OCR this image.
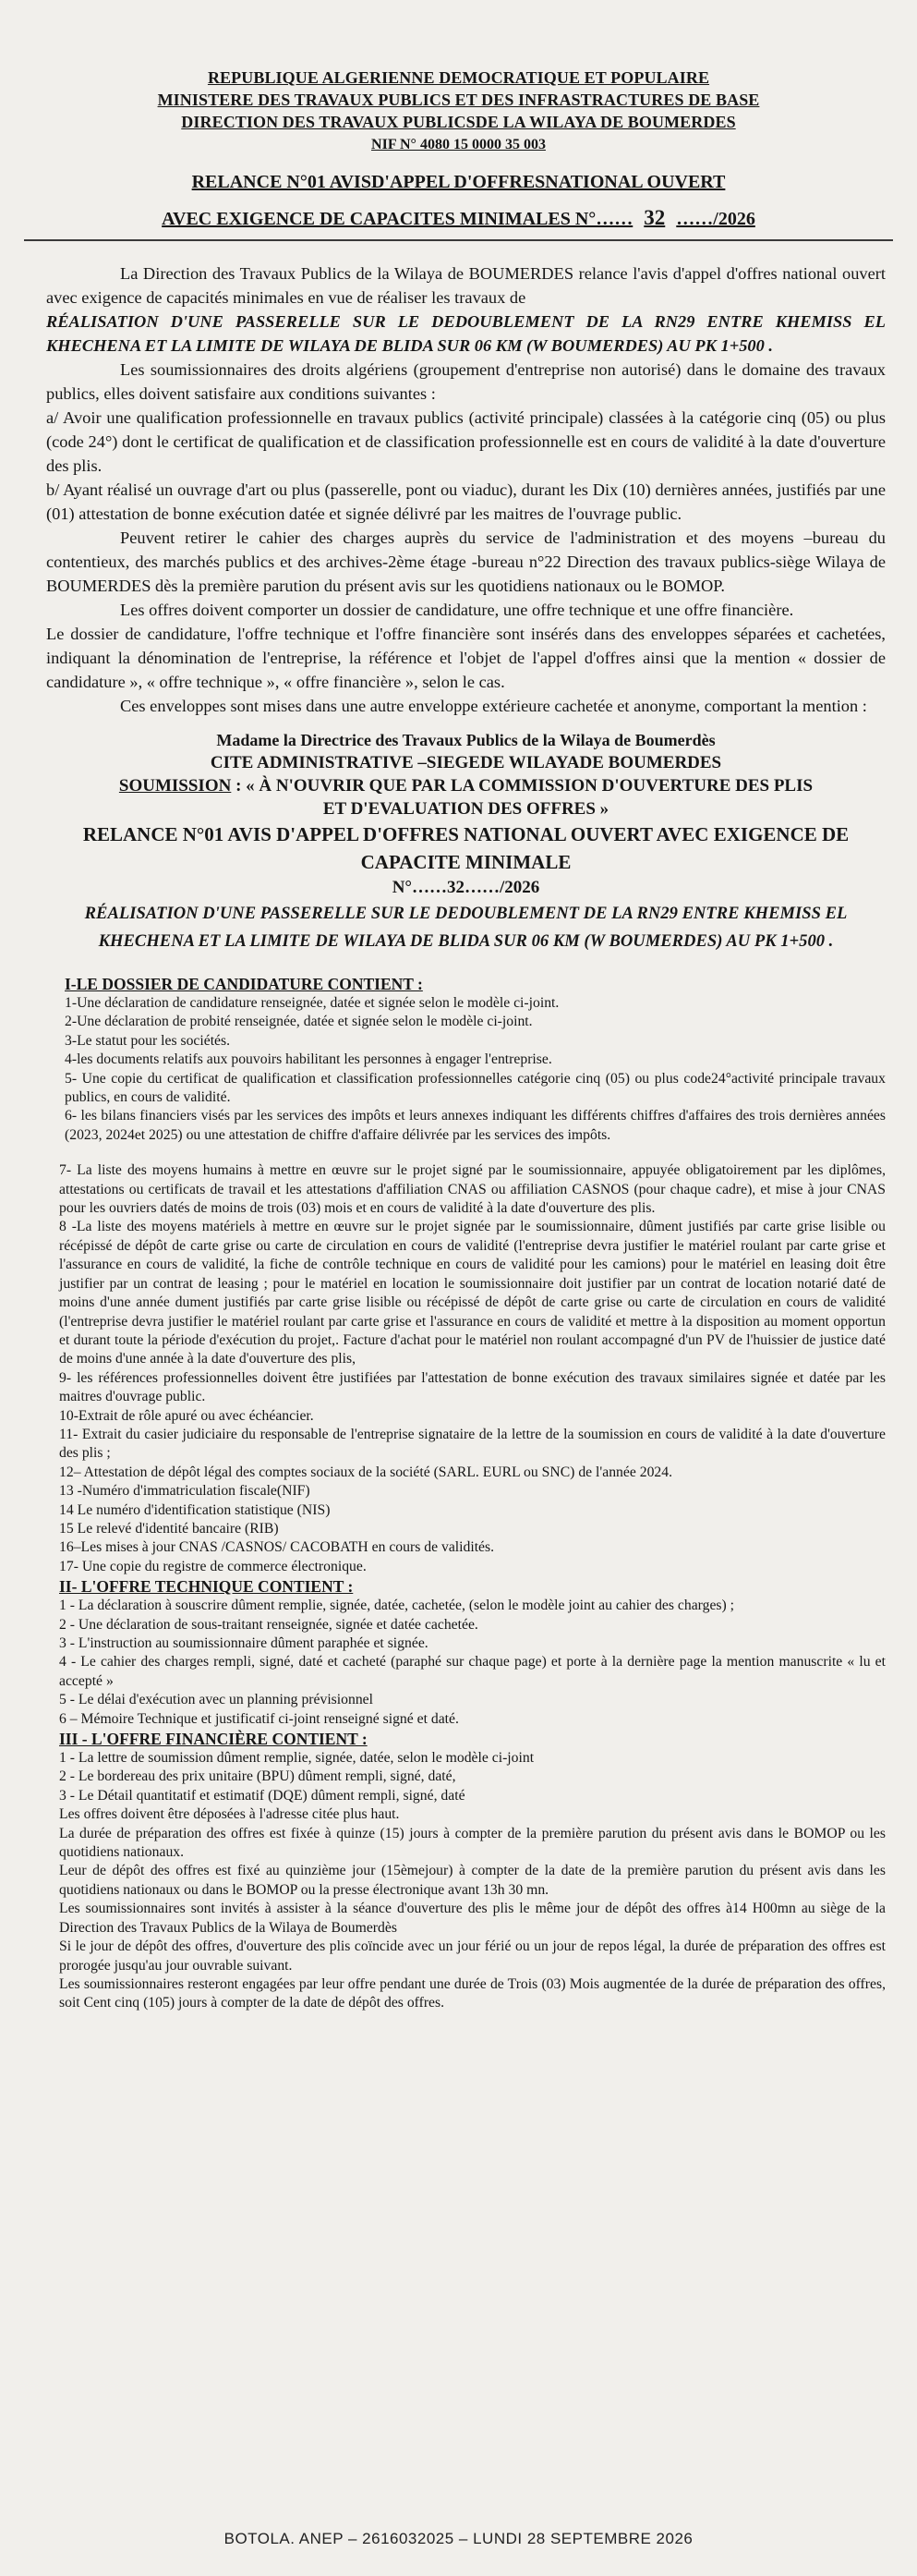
REPUBLIQUE ALGERIENNE DEMOCRATIQUE ET POPULAIRE
MINISTERE DES TRAVAUX PUBLICS ET DES INFRASTRACTURES DE BASE
DIRECTION DES TRAVAUX PUBLICSDE LA WILAYA DE BOUMERDES
NIF N° 4080 15 0000 35 003
RELANCE N°01 AVISD'APPEL D'OFFRESNATIONAL OUVERT
AVEC EXIGENCE DE CAPACITES MINIMALES N°…… 32 ……/2026

La Direction des Travaux Publics de la Wilaya de BOUMERDES relance l'avis d'appel d'offres national ouvert avec exigence de capacités minimales en vue de réaliser les travaux de

RÉALISATION D'UNE PASSERELLE SUR LE DEDOUBLEMENT DE LA RN29 ENTRE KHEMISS EL KHECHENA ET LA LIMITE DE WILAYA DE BLIDA SUR 06 KM (W BOUMERDES) AU PK 1+500 .

Les soumissionnaires des droits algériens (groupement d'entreprise non autorisé) dans le domaine des travaux publics, elles doivent satisfaire aux conditions suivantes :

a/ Avoir une qualification professionnelle en travaux publics (activité principale) classées à la catégorie cinq (05) ou plus (code 24°) dont le certificat de qualification et de classification professionnelle est en cours de validité à la date d'ouverture des plis.

b/ Ayant réalisé un ouvrage d'art ou plus (passerelle, pont ou viaduc), durant les Dix (10) dernières années, justifiés par une (01) attestation de bonne exécution datée et signée délivré par les maitres de l'ouvrage public.

Peuvent retirer le cahier des charges auprès du service de l'administration et des moyens –bureau du contentieux, des marchés publics et des archives-2ème étage -bureau n°22 Direction des travaux publics-siège Wilaya de BOUMERDES dès la première parution du présent avis sur les quotidiens nationaux ou le BOMOP.

Les offres doivent comporter un dossier de candidature, une offre technique et une offre financière.

Le dossier de candidature, l'offre technique et l'offre financière sont insérés dans des enveloppes séparées et cachetées, indiquant la dénomination de l'entreprise, la référence et l'objet de l'appel d'offres ainsi que la mention « dossier de candidature », « offre technique », « offre financière », selon le cas.

Ces enveloppes sont mises dans une autre enveloppe extérieure cachetée et anonyme, comportant la mention :

Madame la Directrice des Travaux Publics de la Wilaya de Boumerdès

CITE ADMINISTRATIVE –SIEGEDE WILAYADE BOUMERDES

SOUMISSION : « À N'OUVRIR QUE PAR LA COMMISSION D'OUVERTURE DES PLIS

ET D'EVALUATION DES OFFRES »

RELANCE N°01 AVIS D'APPEL D'OFFRES NATIONAL OUVERT AVEC EXIGENCE DE CAPACITE MINIMALE

N°……32……/2026

RÉALISATION D'UNE PASSERELLE SUR LE DEDOUBLEMENT DE LA RN29 ENTRE KHEMISS EL KHECHENA ET LA LIMITE DE WILAYA DE BLIDA SUR 06 KM (W BOUMERDES) AU PK 1+500 .

I-LE DOSSIER DE CANDIDATURE CONTIENT :

1-Une déclaration de candidature renseignée, datée et signée selon le modèle ci-joint.

2-Une déclaration de probité renseignée, datée et signée selon le modèle ci-joint.

3-Le statut pour les sociétés.

4-les documents relatifs aux pouvoirs habilitant les personnes à engager l'entreprise.

5- Une copie du certificat de qualification et classification professionnelles catégorie cinq (05) ou plus code24°activité principale travaux publics, en cours de validité.

6- les bilans financiers visés par les services des impôts et leurs annexes indiquant les différents chiffres d'affaires des trois dernières années (2023, 2024et 2025) ou une attestation de chiffre d'affaire délivrée par les services des impôts.

7- La liste des moyens humains à mettre en œuvre sur le projet signé par le soumissionnaire, appuyée obligatoirement par les diplômes, attestations ou certificats de travail et les attestations d'affiliation CNAS ou affiliation CASNOS (pour chaque cadre), et mise à jour CNAS pour les ouvriers datés de moins de trois (03) mois et en cours de validité à la date d'ouverture des plis.

8 -La liste des moyens matériels à mettre en œuvre sur le projet signée par le soumissionnaire, dûment justifiés par carte grise lisible ou récépissé de dépôt de carte grise ou carte de circulation en cours de validité (l'entreprise devra justifier le matériel roulant par carte grise et l'assurance en cours de validité, la fiche de contrôle technique en cours de validité pour les camions) pour le matériel en leasing doit être justifier par un contrat de leasing ; pour le matériel en location le soumissionnaire doit justifier par un contrat de location notarié daté de moins d'une année dument justifiés par carte grise lisible ou récépissé de dépôt de carte grise ou carte de circulation en cours de validité (l'entreprise devra justifier le matériel roulant par carte grise et l'assurance en cours de validité et mettre à la disposition au moment opportun et durant toute la période d'exécution du projet,. Facture d'achat pour le matériel non roulant accompagné d'un PV de l'huissier de justice daté de moins d'une année à la date d'ouverture des plis,

9- les références professionnelles doivent être justifiées par l'attestation de bonne exécution des travaux similaires signée et datée par les maitres d'ouvrage public.

10-Extrait de rôle apuré ou avec échéancier.

11- Extrait du casier judiciaire du responsable de l'entreprise signataire de la lettre de la soumission en cours de validité à la date d'ouverture des plis ;

12– Attestation de dépôt légal des comptes sociaux de la société (SARL. EURL ou SNC) de l'année 2024.

13 -Numéro d'immatriculation fiscale(NIF)

14 Le numéro d'identification statistique (NIS)

15 Le relevé d'identité bancaire (RIB)

16–Les mises à jour CNAS /CASNOS/ CACOBATH en cours de validités.

17- Une copie du registre de commerce électronique.

II- L'OFFRE TECHNIQUE CONTIENT :

1 - La déclaration à souscrire dûment remplie, signée, datée, cachetée, (selon le modèle joint au cahier des charges) ;

2 - Une déclaration de sous-traitant renseignée, signée et datée cachetée.

3 - L'instruction au soumissionnaire dûment paraphée et signée.

4 - Le cahier des charges rempli, signé, daté et cacheté (paraphé sur chaque page) et porte à la dernière page la mention manuscrite « lu et accepté »

5 - Le délai d'exécution avec un planning prévisionnel

6 – Mémoire Technique et justificatif ci-joint renseigné signé et daté.

III - L'OFFRE FINANCIÈRE CONTIENT :

1 - La lettre de soumission dûment remplie, signée, datée, selon le modèle ci-joint

2 - Le bordereau des prix unitaire (BPU) dûment rempli, signé, daté,

3 - Le Détail quantitatif et estimatif (DQE) dûment rempli, signé, daté

Les offres doivent être déposées à l'adresse citée plus haut.

La durée de préparation des offres est fixée à quinze (15) jours à compter de la première parution du présent avis dans le BOMOP ou les quotidiens nationaux.

Leur de dépôt des offres est fixé au quinzième jour (15èmejour) à compter de la date de la première parution du présent avis dans les quotidiens nationaux ou dans le BOMOP ou la presse électronique avant 13h 30 mn.

Les soumissionnaires sont invités à assister à la séance d'ouverture des plis le même jour de dépôt des offres à14 H00mn au siège de la Direction des Travaux Publics de la Wilaya de Boumerdès

Si le jour de dépôt des offres, d'ouverture des plis coïncide avec un jour férié ou un jour de repos légal, la durée de préparation des offres est prorogée jusqu'au jour ouvrable suivant.

Les soumissionnaires resteront engagées par leur offre pendant une durée de Trois (03) Mois augmentée de la durée de préparation des offres, soit Cent cinq (105) jours à compter de la date de dépôt des offres.

BOTOLA. ANEP – 2616032025 – LUNDI 28 SEPTEMBRE 2026
